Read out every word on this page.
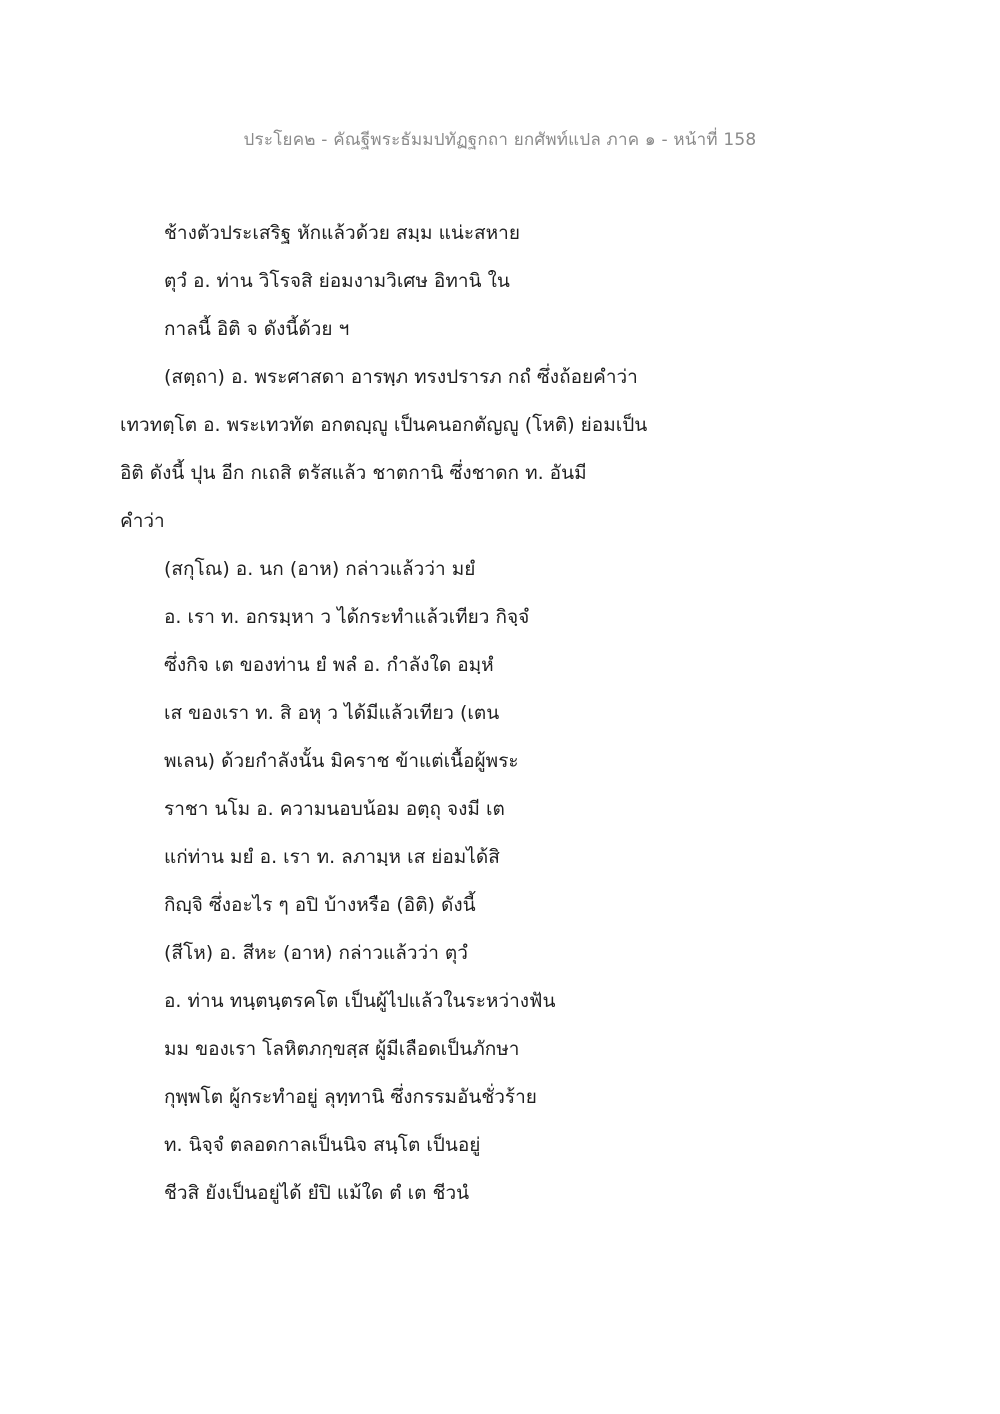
ประโยค๒ - คัณฐีพระธัมมปทัฏฐกถา ยกศัพท์แปล ภาค ๑ - หน้าที่ 158
ช้างตัวประเสริฐ หักแล้วด้วย สมฺม แน่ะสหาย
ตุวํ อ. ท่าน วิโรจสิ ย่อมงามวิเศษ อิทานิ ใน
กาลนี้ อิติ จ ดังนี้ด้วย ฯ
(สตฺถา) อ. พระศาสดา อารพฺภ ทรงปรารภ กถํ ซึ่งถ้อยคำว่า
เทวทตฺโต อ. พระเทวทัต อกตญฺญู เป็นคนอกตัญญู (โหติ) ย่อมเป็น
อิติ ดังนี้ ปุน อีก กเถสิ ตรัสแล้ว ชาตกานิ ซึ่งชาดก ท. อันมี
คำว่า
(สกุโณ) อ. นก (อาห) กล่าวแล้วว่า มยํ
อ. เรา ท. อกรมฺหา ว ได้กระทำแล้วเทียว กิจฺจํ
ซึ่งกิจ เต ของท่าน ยํ พลํ อ. กำลังใด อมฺหํ
เส ของเรา ท. สิ อหุ ว ได้มีแล้วเทียว (เตน
พเลน) ด้วยกำลังนั้น มิคราช ข้าแต่เนื้อผู้พระ
ราชา นโม อ. ความนอบน้อม อตฺถุ จงมี เต
แก่ท่าน มยํ อ. เรา ท. ลภามฺห เส ย่อมได้สิ
กิญฺจิ ซึ่งอะไร ๆ อปิ บ้างหรือ (อิติ) ดังนี้
(สีโห) อ. สีหะ (อาห) กล่าวแล้วว่า ตุวํ
อ. ท่าน ทนฺตนฺตรคโต เป็นผู้ไปแล้วในระหว่างฟัน
มม ของเรา โลหิตภกฺขสฺส ผู้มีเลือดเป็นภักษา
กุพฺพโต ผู้กระทำอยู่ ลุทฺทานิ ซึ่งกรรมอันชั่วร้าย
ท. นิจฺจํ ตลอดกาลเป็นนิจ สนฺโต เป็นอยู่
ชีวสิ ยังเป็นอยู่ได้ ยํปิ แม้ใด ตํ เต ชีวนํ
